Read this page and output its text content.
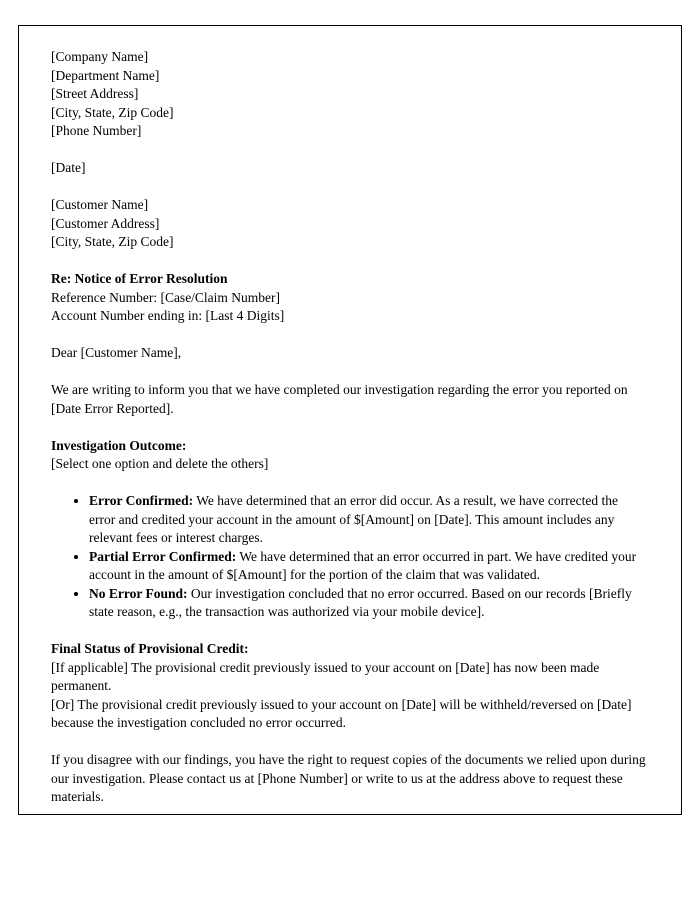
[Company Name]
[Department Name]
[Street Address]
[City, State, Zip Code]
[Phone Number]
[Date]
[Customer Name]
[Customer Address]
[City, State, Zip Code]
Re: Notice of Error Resolution
Reference Number: [Case/Claim Number]
Account Number ending in: [Last 4 Digits]
Dear [Customer Name],
We are writing to inform you that we have completed our investigation regarding the error you reported on [Date Error Reported].
Investigation Outcome:
[Select one option and delete the others]
• Error Confirmed: We have determined that an error did occur. As a result, we have corrected the error and credited your account in the amount of $[Amount] on [Date]. This amount includes any relevant fees or interest charges.
• Partial Error Confirmed: We have determined that an error occurred in part. We have credited your account in the amount of $[Amount] for the portion of the claim that was validated.
• No Error Found: Our investigation concluded that no error occurred. Based on our records [Briefly state reason, e.g., the transaction was authorized via your mobile device].
Final Status of Provisional Credit:
[If applicable] The provisional credit previously issued to your account on [Date] has now been made permanent.
[Or] The provisional credit previously issued to your account on [Date] will be withheld/reversed on [Date] because the investigation concluded no error occurred.
If you disagree with our findings, you have the right to request copies of the documents we relied upon during our investigation. Please contact us at [Phone Number] or write to us at the address above to request these materials.
